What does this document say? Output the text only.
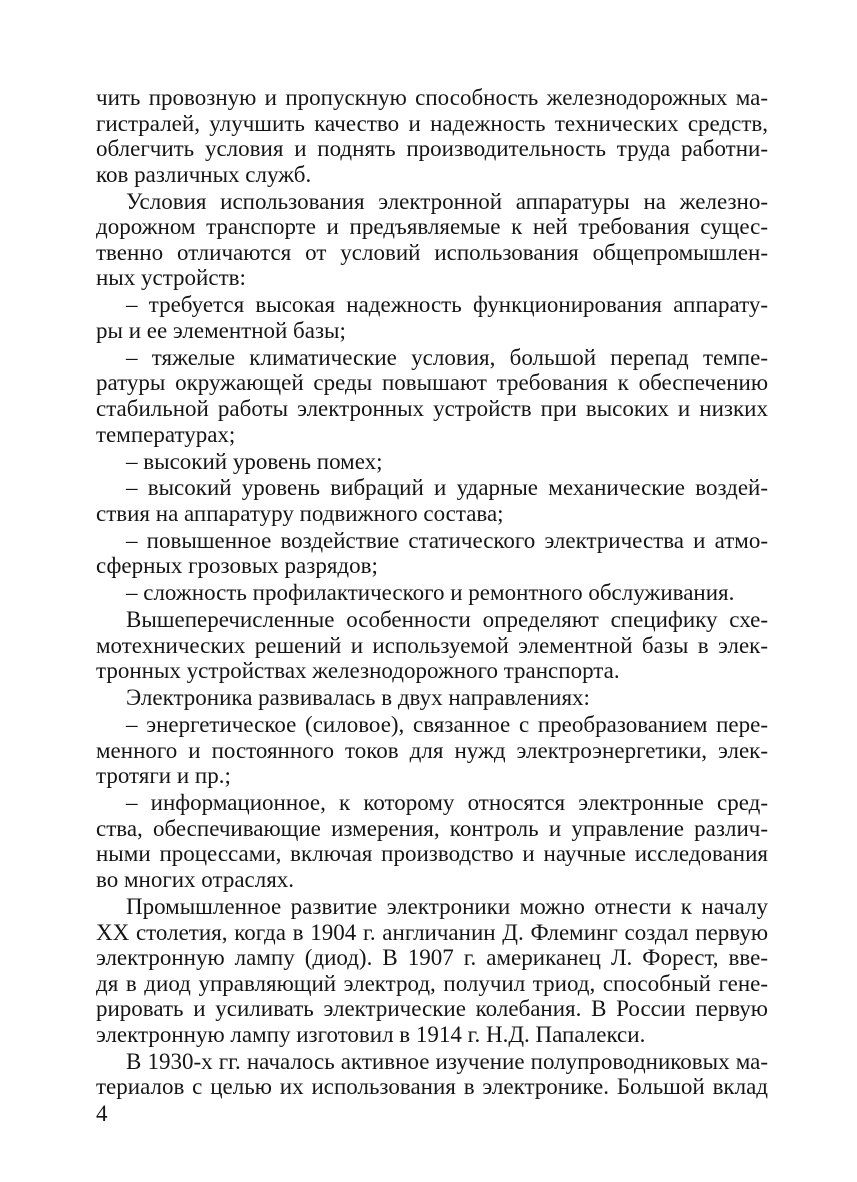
чить провозную и пропускную способность железнодорожных ма-
гистралей, улучшить качество и надежность технических средств,
облегчить условия и поднять производительность труда работни-
ков различных служб.
Условия использования электронной аппаратуры на железно-
дорожном транспорте и предъявляемые к ней требования сущес-
твенно отличаются от условий использования общепромышлен-
ных устройств:
– требуется высокая надежность функционирования аппарату-
ры и ее элементной базы;
– тяжелые климатические условия, большой перепад темпе-
ратуры окружающей среды повышают требования к обеспечению
стабильной работы электронных устройств при высоких и низких
температурах;
– высокий уровень помех;
– высокий уровень вибраций и ударные механические воздей-
ствия на аппаратуру подвижного состава;
– повышенное воздействие статического электричества и атмо-
сферных грозовых разрядов;
– сложность профилактического и ремонтного обслуживания.
Вышеперечисленные особенности определяют специфику схе-
мотехнических решений и используемой элементной базы в элек-
тронных устройствах железнодорожного транспорта.
Электроника развивалась в двух направлениях:
– энергетическое (силовое), связанное с преобразованием пере-
менного и постоянного токов для нужд электроэнергетики, элек-
тротяги и пр.;
– информационное, к которому относятся электронные сред-
ства, обеспечивающие измерения, контроль и управление различ-
ными процессами, включая производство и научные исследования
во многих отраслях.
Промышленное развитие электроники можно отнести к началу
XX столетия, когда в 1904 г. англичанин Д. Флеминг создал первую
электронную лампу (диод). В 1907 г. американец Л. Форест, вве-
дя в диод управляющий электрод, получил триод, способный гене-
рировать и усиливать электрические колебания. В России первую
электронную лампу изготовил в 1914 г. Н.Д. Папалекси.
В 1930-х гг. началось активное изучение полупроводниковых ма-
териалов с целью их использования в электронике. Большой вклад
4
